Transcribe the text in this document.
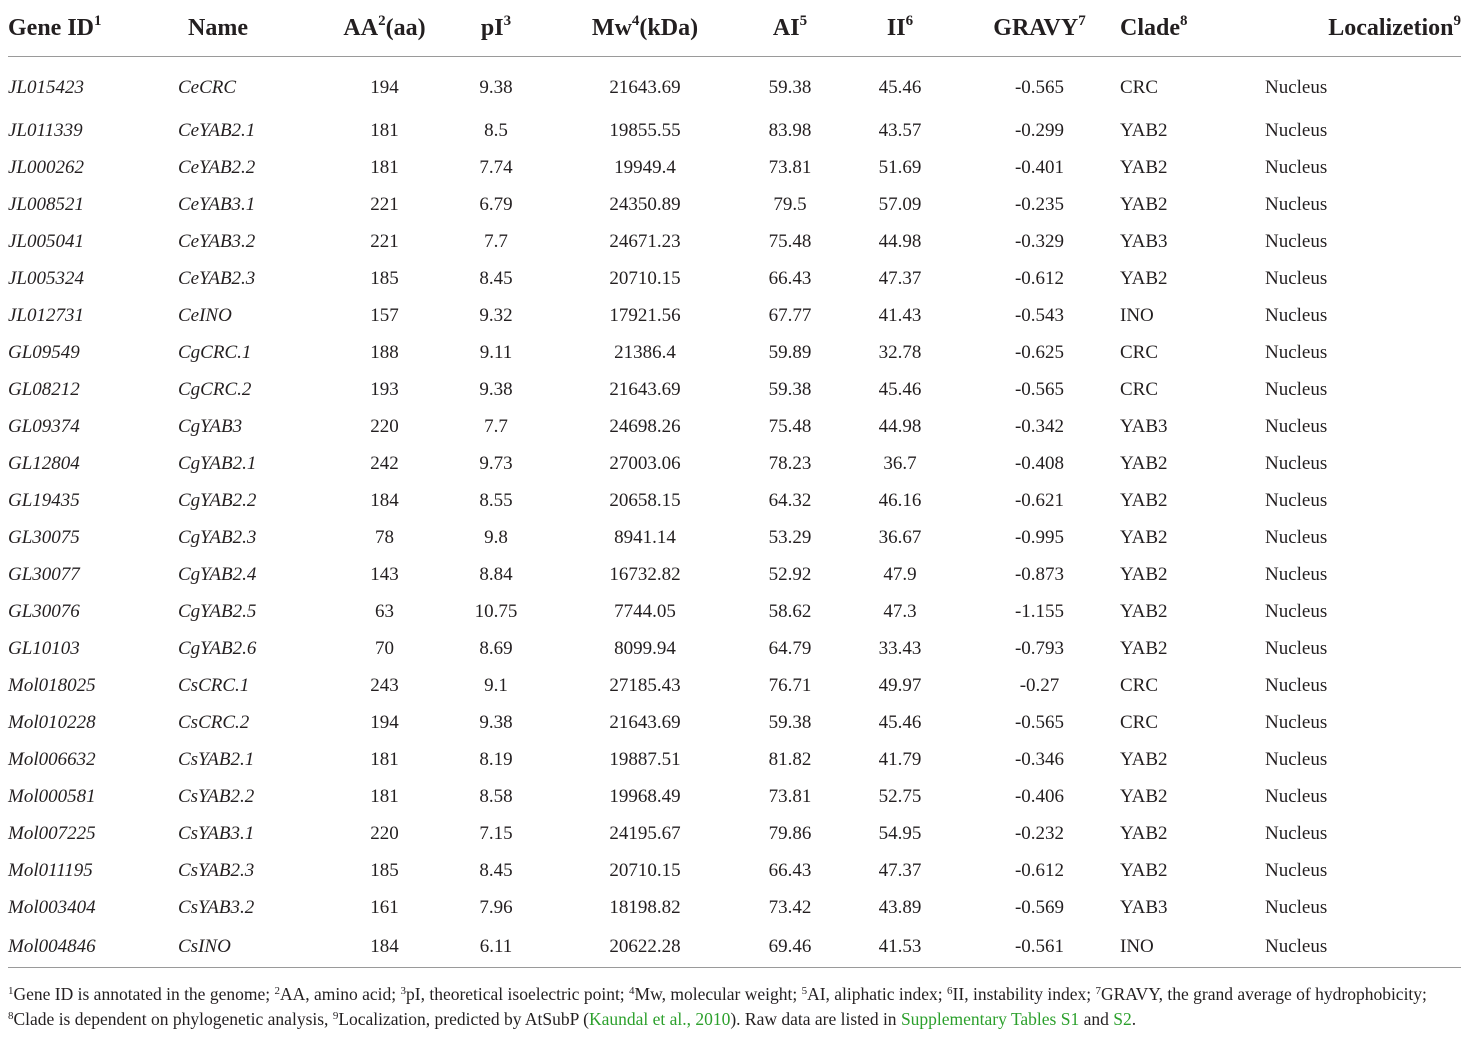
Gene $ID^1$	Name	$AA^2(aa)$	$pI^3$	Mw$^4$(kDa)	$AI^5$	$II^6$	GRAVY$^7$	Clade$^8$	Localizetion$^9$
JL015423	CeCRC	194	9.38	21643.69	59.38	45.46	-0.565	CRC	Nucleus
JL011339	CeYAB2.1	181	8.5	19855.55	83.98	43.57	-0.299	YAB2	Nucleus
JL000262	CeYAB2.2	181	7.74	19949.4	73.81	51.69	-0.401	YAB2	Nucleus
JL008521	CeYAB3.1	221	6.79	24350.89	79.5	57.09	-0.235	YAB2	Nucleus
JL005041	CeYAB3.2	221	7.7	24671.23	75.48	44.98	-0.329	YAB3	Nucleus
JL005324	CeYAB2.3	185	8.45	20710.15	66.43	47.37	-0.612	YAB2	Nucleus
JL012731	CeINO	157	9.32	17921.56	67.77	41.43	-0.543	INO	Nucleus
GL09549	CgCRC.1	188	9.11	21386.4	59.89	32.78	-0.625	CRC	Nucleus
GL08212	CgCRC.2	193	9.38	21643.69	59.38	45.46	-0.565	CRC	Nucleus
GL09374	CgYAB3	220	7.7	24698.26	75.48	44.98	-0.342	YAB3	Nucleus
GL12804	CgYAB2.1	242	9.73	27003.06	78.23	36.7	-0.408	YAB2	Nucleus
GL19435	CgYAB2.2	184	8.55	20658.15	64.32	46.16	-0.621	YAB2	Nucleus
GL30075	CgYAB2.3	78	9.8	8941.14	53.29	36.67	-0.995	YAB2	Nucleus
GL30077	CgYAB2.4	143	8.84	16732.82	52.92	47.9	-0.873	YAB2	Nucleus
GL30076	CgYAB2.5	63	10.75	7744.05	58.62	47.3	-1.155	YAB2	Nucleus
GL10103	CgYAB2.6	70	8.69	8099.94	64.79	33.43	-0.793	YAB2	Nucleus
Mol018025	CsCRC.1	243	9.1	27185.43	76.71	49.97	-0.27	CRC	Nucleus
Mol010228	CsCRC.2	194	9.38	21643.69	59.38	45.46	-0.565	CRC	Nucleus
Mol006632	CsYAB2.1	181	8.19	19887.51	81.82	41.79	-0.346	YAB2	Nucleus
Mol000581	CsYAB2.2	181	8.58	19968.49	73.81	52.75	-0.406	YAB2	Nucleus
Mol007225	CsYAB3.1	220	7.15	24195.67	79.86	54.95	-0.232	YAB2	Nucleus
Mol011195	CsYAB2.3	185	8.45	20710.15	66.43	47.37	-0.612	YAB2	Nucleus
Mol003404	CsYAB3.2	161	7.96	18198.82	73.42	43.89	-0.569	YAB3	Nucleus
Mol004846	CsINO	184	6.11	20622.28	69.46	41.53	-0.561	INO	Nucleus
$^1$Gene ID is annotated in the genome; $^2$AA, amino acid; $^3$pI, theoretical isoelectric point; $^4$Mw, molecular weight; $^5$AI, aliphatic index; $^6$II, instability index; $^7$GRAVY, the grand average of hydrophobicity; $^8$Clade is dependent on phylogenetic analysis, $^9$Localization, predicted by AtSubP (Kaundal et al., 2010). Raw data are listed in Supplementary Tables S1 and S2.
